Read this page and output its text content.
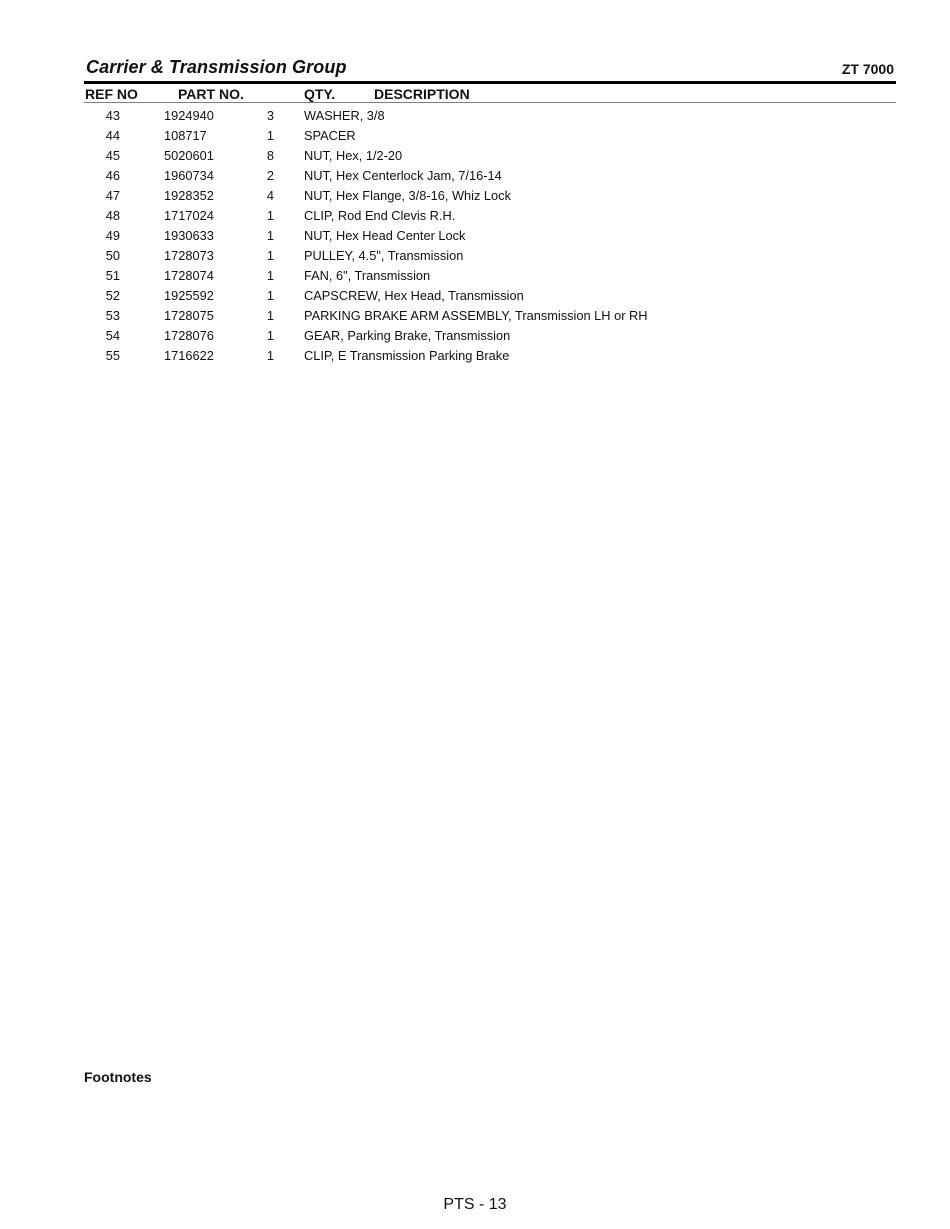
Carrier & Transmission Group	ZT 7000
REF NO	PART NO.	QTY.	DESCRIPTION
43	1924940	3 WASHER, 3/8
44	108717	1 SPACER
45	5020601	8 NUT, Hex, 1/2-20
46	1960734	2 NUT, Hex Centerlock Jam, 7/16-14
47	1928352	4 NUT, Hex Flange, 3/8-16, Whiz Lock
48	1717024	1 CLIP, Rod End Clevis R.H.
49	1930633	1 NUT, Hex Head Center Lock
50	1728073	1 PULLEY, 4.5", Transmission
51	1728074	1 FAN, 6", Transmission
52	1925592	1 CAPSCREW, Hex Head, Transmission
53	1728075	1 PARKING BRAKE ARM ASSEMBLY, Transmission LH or RH
54	1728076	1 GEAR, Parking Brake, Transmission
55	1716622	1 CLIP, E Transmission Parking Brake
Footnotes
PTS - 13
